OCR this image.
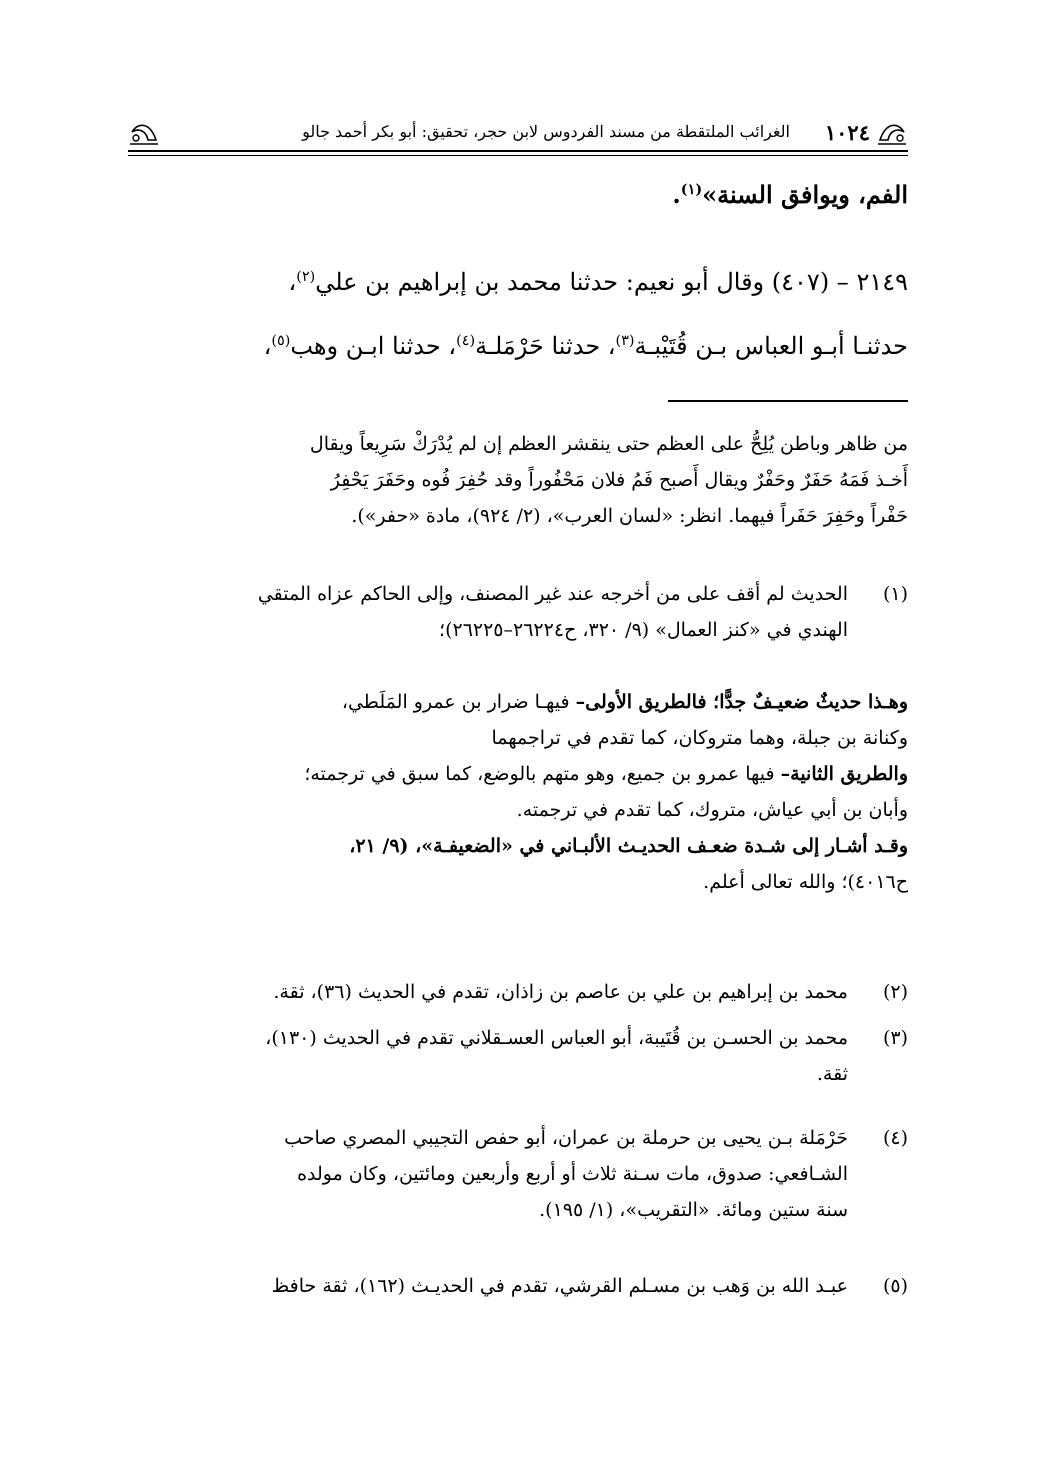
١٠٢٤
الغرائب الملتقطة من مسند الفردوس لابن حجر، تحقيق: أبو بكر أحمد جالو
الفم، ويوافق السنة»$^{(١)}$.
٢١٤٩ – (٤٠٧) وقال أبو نعيم: حدثنا محمد بن إبراهيم بن علي$^{(٢)}$،
حدثنـا أبـو العباس بـن قُتَيْبـة$^{(٣)}$، حدثنا حَرْمَلـة$^{(٤)}$، حدثنا ابـن وهب$^{(٥)}$،
من ظاهر وباطن يُلِحُّ على العظم حتى ينقشر العظم إن لم يُدْرَكْ سَرِيعاً ويقال
أَخـذ فَمَهُ حَفَرٌ وحَفْرٌ ويقال أَصبح فَمُ فلان مَحْفُوراً وقد حُفِرَ فُوه وحَفَرَ يَحْفِرُ
حَفْراً وحَفِرَ حَفَراً فيهما. انظر: «لسان العرب»، (٢/ ٩٢٤)، مادة «حفر»).
(١)
الحديث لم أقف على من أخرجه عند غير المصنف، وإلى الحاكم عزاه المتقي
الهندي في «كنز العمال» (٩/ ٣٢٠، ح٢٦٢٢٤–٢٦٢٢٥)؛
وهـذا حديثٌ ضعيـفٌ جدًّا؛ فالطريق الأولى– فيهـا ضرار بن عمرو المَلَطي،
وكنانة بن جبلة، وهما متروكان، كما تقدم في تراجمهما
والطريق الثانية– فيها عمرو بن جميع، وهو متهم بالوضع، كما سبق في ترجمته؛
وأبان بن أبي عياش، متروك، كما تقدم في ترجمته.
وقـد أشـار إلى شـدة ضعـف الحديـث الألبـاني في «الضعيفـة»، (٩/ ٢١،
ح٤٠١٦)؛ والله تعالى أعلم.
(٢)
محمد بن إبراهيم بن علي بن عاصم بن زاذان، تقدم في الحديث (٣٦)، ثقة.
(٣)
محمد بن الحسـن بن قُتَيبة، أبو العباس العسـقلاني تقدم في الحديث (١٣٠)،
ثقة.
(٤)
حَرْمَلة بـن يحيى بن حرملة بن عمران، أبو حفص التجيبي المصري صاحب
الشـافعي: صدوق، مات سـنة ثلاث أو أربع وأربعين ومائتين، وكان مولده
سنة ستين ومائة. «التقريب»، (١/ ١٩٥).
(٥)
عبـد الله بن وَهب بن مسـلم القرشي، تقدم في الحديـث (١٦٢)، ثقة حافظ
